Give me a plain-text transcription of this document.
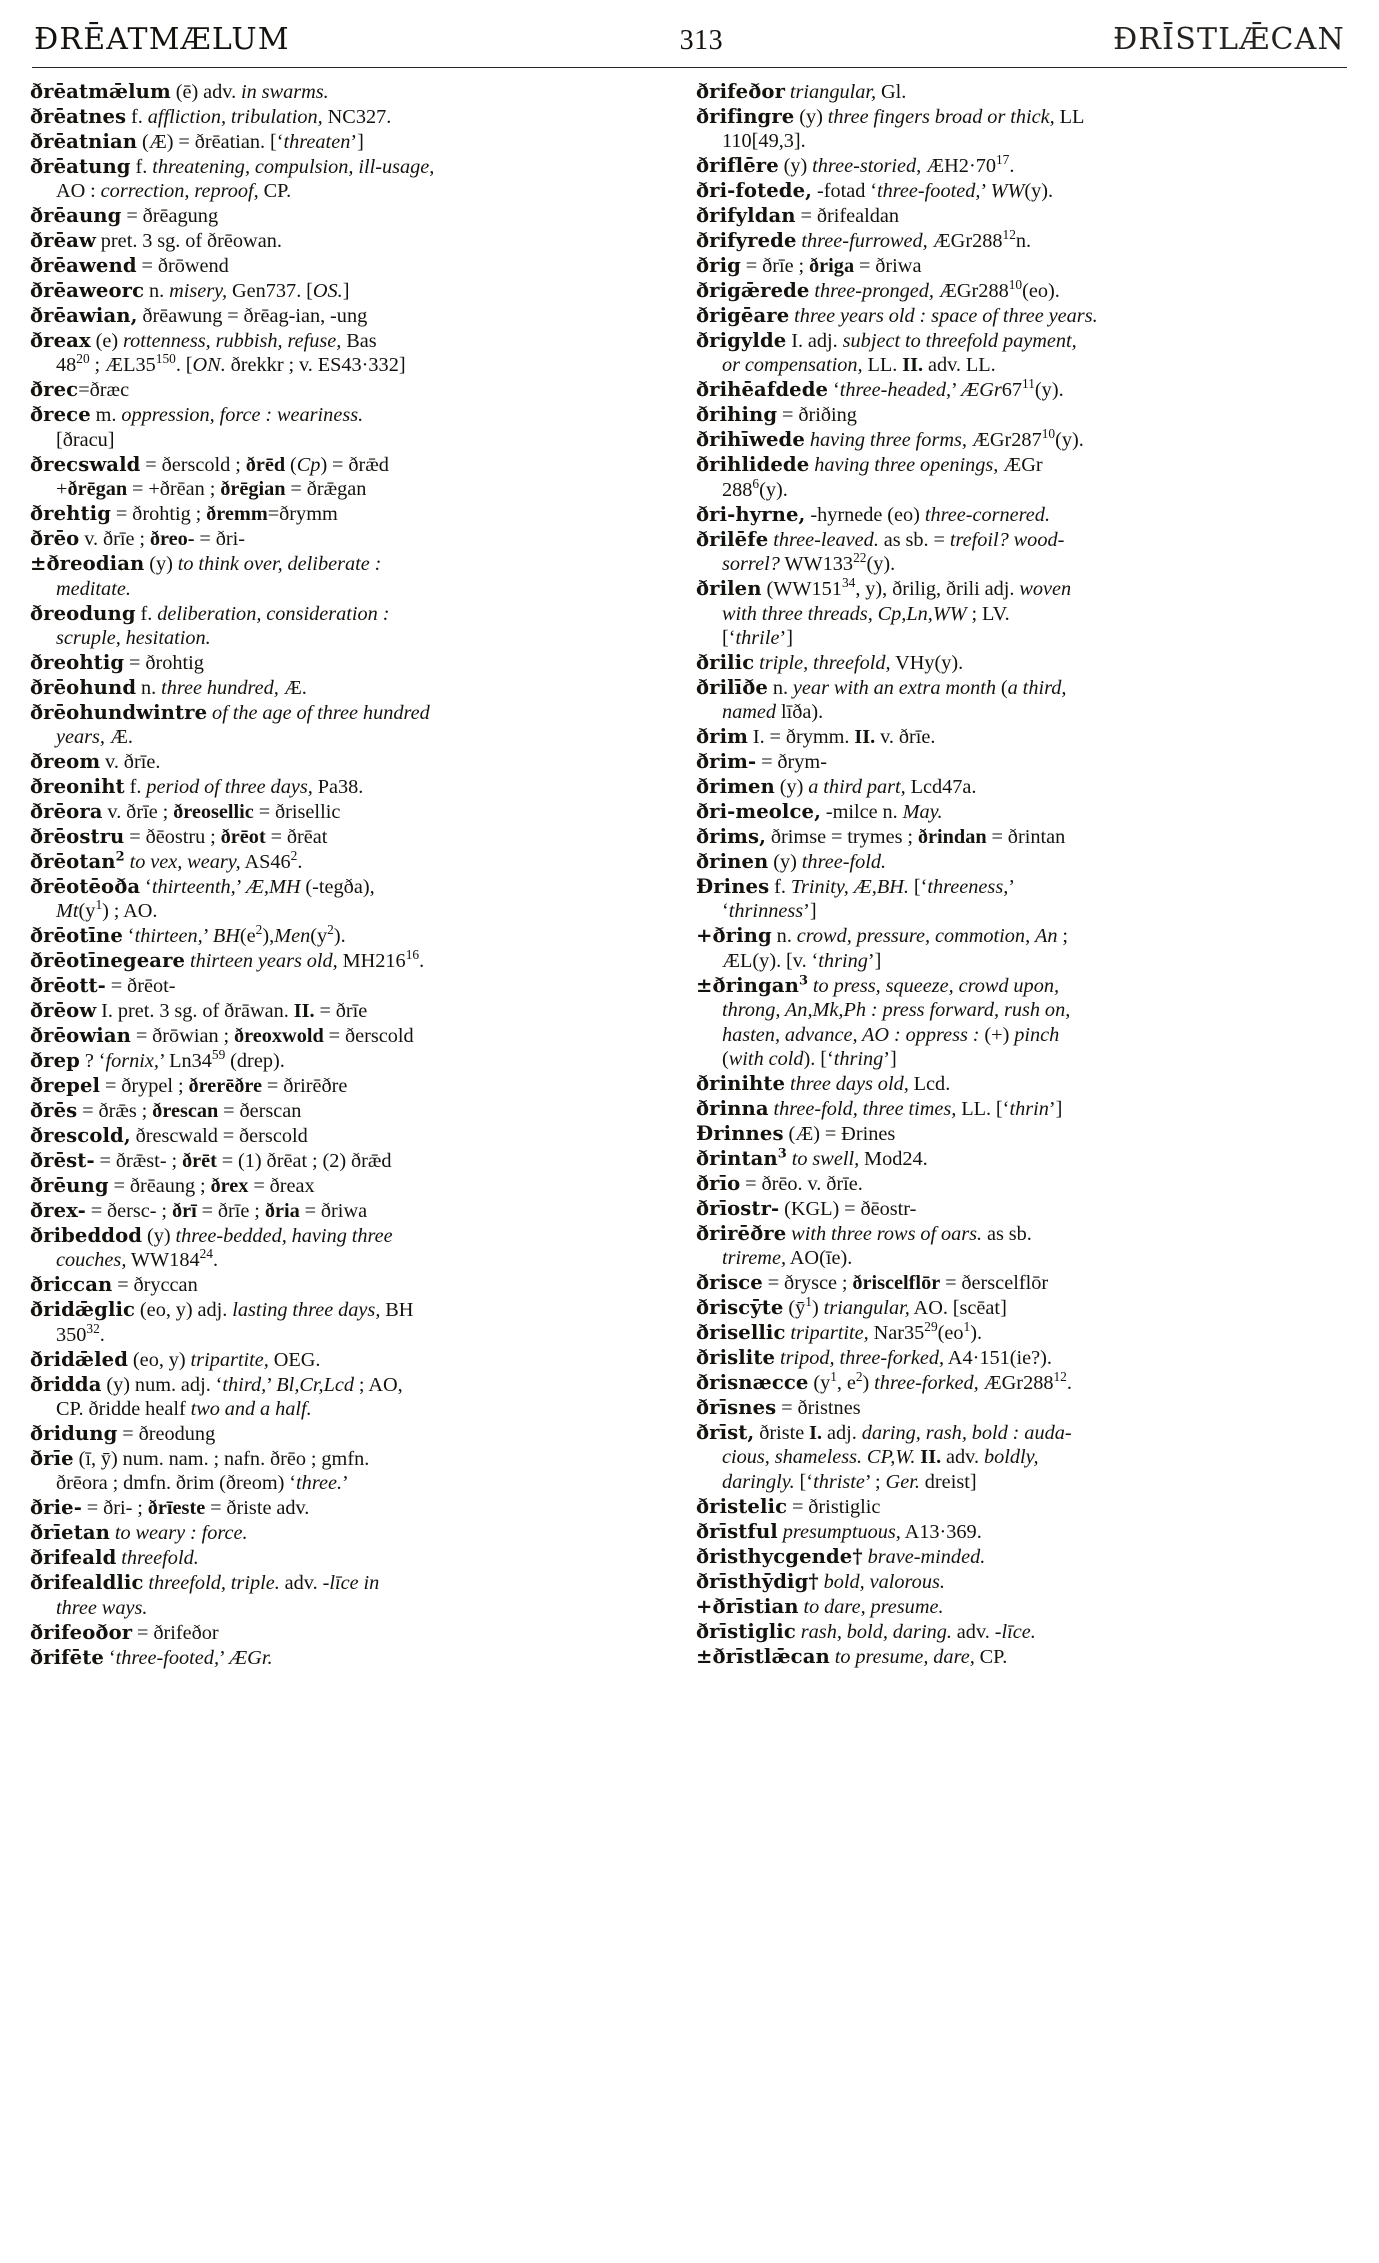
ÐRĒATMÆLUM	313	ÐRĪSTLǢCAN

ðrēatmǣlum (ē) adv. in swarms.

ðrēatnes f. affliction, tribulation, NC327.

ðrēatnian (Æ) = ðrēatian. [‘threaten’]

ðrēatung f. threatening, compulsion, ill-usage,
AO : correction, reproof, CP.

ðrēaung = ðrēagung

ðrēaw pret. 3 sg. of ðrēowan.

ðrēawend = ðrōwend

ðrēaweorc n. misery, Gen737. [OS.]

ðrēawian, ðrēawung = ðrēag-ian, -ung

ðreax (e) rottenness, rubbish, refuse, Bas
$48^{20}$ ; $ÆL35^{150}$. [ON. ðrekkr ; v. ES43·332]

ðrec=ðræc

ðrece m. oppression, force : weariness.
[ðracu]

ðrecswald = ðerscold ; ðrēd (Cp) = ðrǣd
+ðrēgan = +ðrēan ; ðrēgian = ðrǣgan

ðrehtig = ðrohtig ; ðremm=ðrymm

ðrēo v. ðrīe ; ðreo- = ðri-

±ðreodian (y) to think over, deliberate :
meditate.

ðreodung f. deliberation, consideration :
scruple, hesitation.

ðreohtig = ðrohtig

ðrēohund n. three hundred, Æ.

ðrēohundwintre of the age of three hundred
years, Æ.

ðreom v. ðrīe.

ðreoniht f. period of three days, Pa38.

ðrēora v. ðrīe ; ðreosellic = ðrisellic

ðrēostru = ðēostru ; ðrēot = ðrēat

ðrēotan$^2$ to vex, weary, $AS46^2$.

ðrēotēoða ‘thirteenth,’ Æ,MH (-tegða),
$Mt(y^1)$ ; AO.

ðrēotīne ‘thirteen,’ $BH(e^2),Men(y^2)$.

ðrēotīnegeare thirteen years old, $MH216^{16}$.

ðrēott- = ðrēot-

ðrēow I. pret. 3 sg. of ðrāwan. II. = ðrīe

ðrēowian = ðrōwian ; ðreoxwold = ðerscold

ðrep ? ‘fornix,’ $Ln34^{59}$ (drep).

ðrepel = ðrypel ; ðrerēðre = ðrirēðre

ðrēs = ðrǣs ; ðrescan = ðerscan

ðrescold, ðrescwald = ðerscold

ðrēst- = ðrǣst- ; ðrēt = (1) ðrēat ; (2) ðrǣd

ðrēung = ðrēaung ; ðrex = ðreax

ðrex- = ðersc- ; ðrī = ðrīe ; ðria = ðriwa

ðribeddod (y) three-bedded, having three
couches, $WW184^{24}$.

ðriccan = ðryccan

ðridǣglic (eo, y) adj. lasting three days, BH
$350^{32}$.

ðridǣled (eo, y) tripartite, OEG.

ðridda (y) num. adj. ‘third,’ Bl,Cr,Lcd ; AO,
CP. ðridde healf two and a half.

ðridung = ðreodung

ðrīe (ī, ȳ) num. nam. ; nafn. ðrēo ; gmfn.
ðrēora ; dmfn. ðrim (ðreom) ‘three.’

ðrie- = ðri- ; ðrīeste = ðriste adv.

ðrīetan to weary : force.

ðrifeald threefold.

ðrifealdlic threefold, triple. adv. -līce in
three ways.

ðrifeoðor = ðrifeðor

ðrifēte ‘three-footed,’ ÆGr.

ðrifeðor triangular, Gl.

ðrifingre (y) three fingers broad or thick, LL
110[49,3].

ðriflēre (y) three-storied, $ÆH2\cdot 70^{17}$.

ðri-fotede, -fotad ‘three-footed,’ WW(y).

ðrifyldan = ðrifealdan

ðrifyrede three-furrowed, $ÆGr288^{12}n$.

ðrig = ðrīe ; ðriga = ðriwa

ðrigǣrede three-pronged, $ÆGr288^{10}(eo)$.

ðrigēare three years old : space of three years.

ðrigylde I. adj. subject to threefold payment,
or compensation, LL. II. adv. LL.

ðrihēafdede ‘three-headed,’ $ÆGr67^{11}(y)$.

ðrihing = ðriðing

ðrihīwede having three forms, $ÆGr287^{10}(y)$.

ðrihlidede having three openings, ÆGr
$288^6(y)$.

ðri-hyrne, -hyrnede (eo) three-cornered.

ðrilēfe three-leaved. as sb. = trefoil? wood-
sorrel? $WW133^{22}(y)$.

ðrilen ($WW151^{34}$, y), ðrilig, ðrili adj. woven
with three threads, Cp,Ln,WW ; LV.
[‘thrile’]

ðrilic triple, threefold, VHy(y).

ðrilīðe n. year with an extra month (a third,
named līða).

ðrim I. = ðrymm. II. v. ðrīe.

ðrim- = ðrym-

ðrimen (y) a third part, Lcd47a.

ðri-meolce, -milce n. May.

ðrims, ðrimse = trymes ; ðrindan = ðrintan

ðrinen (y) three-fold.

Ðrines f. Trinity, Æ,BH. [‘threeness,’
‘thrinness’]

+ðring n. crowd, pressure, commotion, An ;
ÆL(y). [v. ‘thring’]

±ðringan$^3$ to press, squeeze, crowd upon,
throng, An,Mk,Ph : press forward, rush on,
hasten, advance, AO : oppress : (+) pinch
(with cold). [‘thring’]

ðrinihte three days old, Lcd.

ðrinna three-fold, three times, LL. [‘thrin’]

Ðrinnes (Æ) = Ðrines

ðrintan$^3$ to swell, Mod24.

ðrīo = ðrēo. v. ðrīe.

ðrīostr- (KGL) = ðēostr-

ðrirēðre with three rows of oars. as sb.
trireme, AO(īe).

ðrisce = ðrysce ; ðriscelflōr = ðerscelflōr

ðriscȳte $(ȳ^1)$ triangular, AO. [scēat]

ðrisellic tripartite, $Nar35^{29}(eo^1)$.

ðrislite tripod, three-forked, A4·151(ie?).

ðrisnæcce ($y^1$, $e^2$) three-forked, $ÆGr288^{12}$.

ðrīsnes = ðristnes

ðrīst, ðriste I. adj. daring, rash, bold : auda-
cious, shameless. CP,W. II. adv. boldly,
daringly. [‘thriste’ ; Ger. dreist]

ðristelic = ðristiglic

ðrīstful presumptuous, A13·369.

ðristhycgende† brave-minded.

ðrīsthȳdig† bold, valorous.

+ðrīstian to dare, presume.

ðrīstiglic rash, bold, daring. adv. -līce.

±ðrīstlǣcan to presume, dare, CP.
